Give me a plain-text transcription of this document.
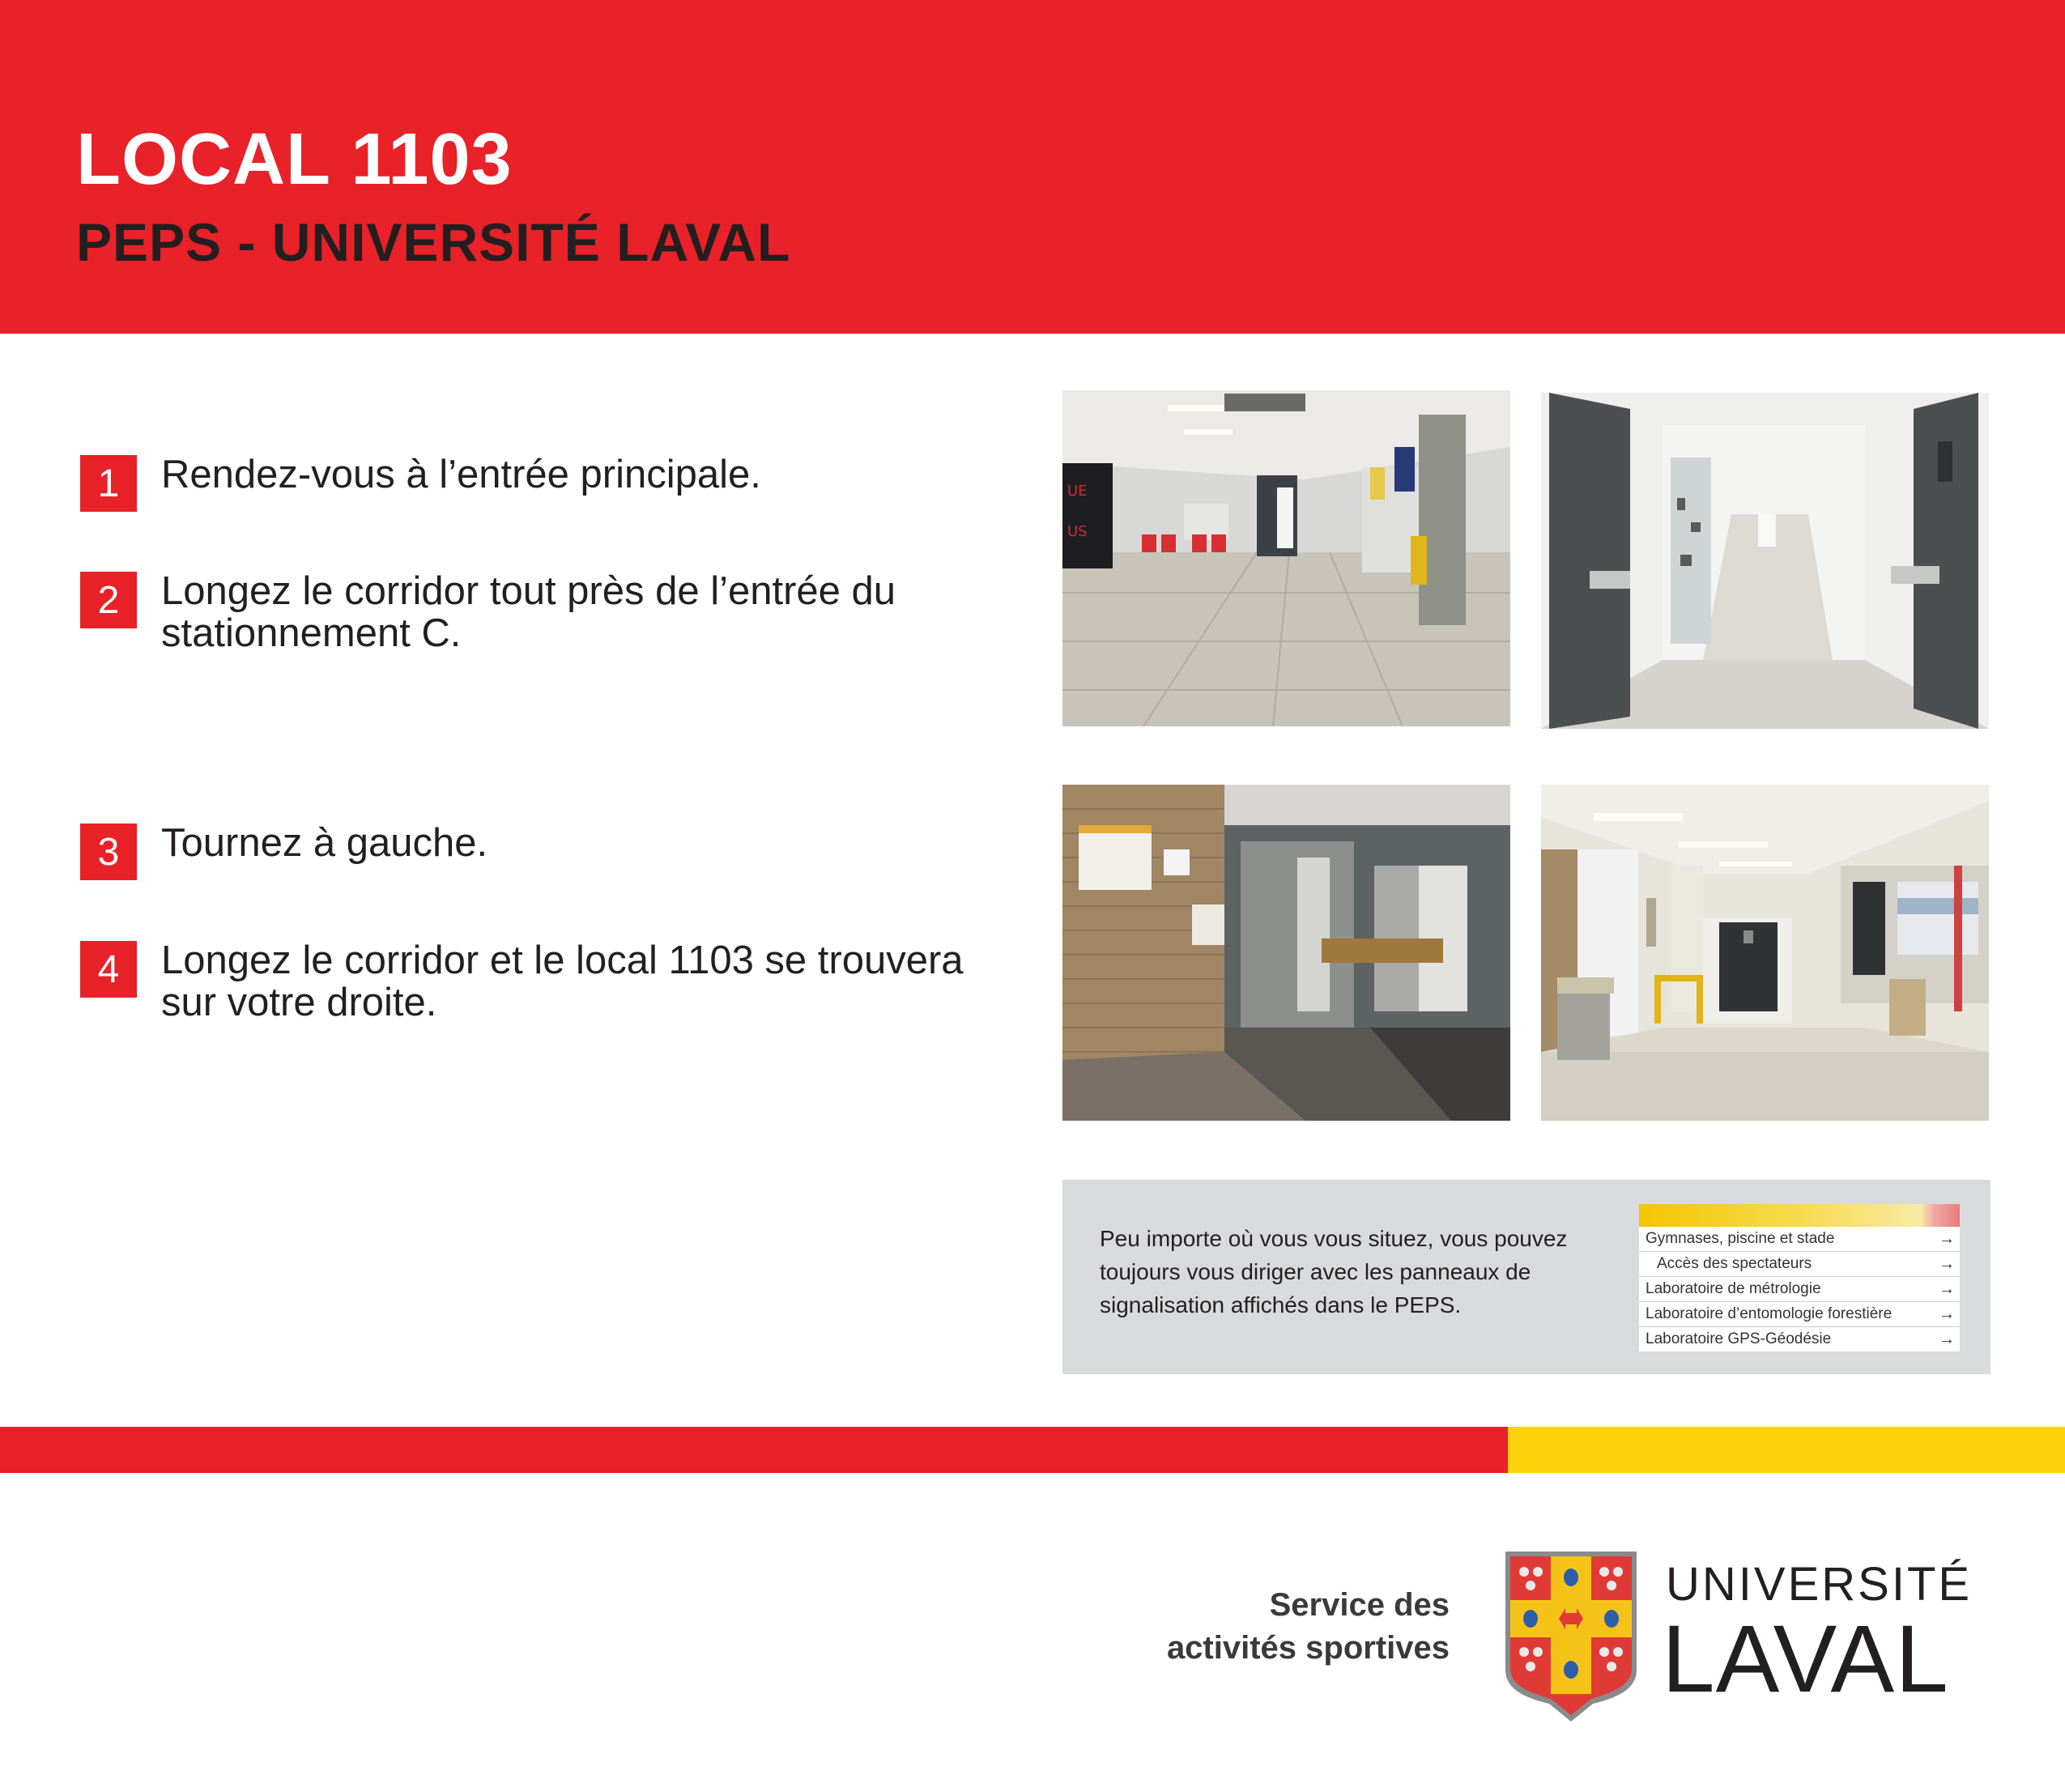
LOCAL 1103
PEPS - UNIVERSITÉ LAVAL
1	Rendez-vous à l’entrée principale.
2	Longez le corridor tout près de l’entrée du stationnement C.
3	Tournez à gauche.
4	Longez le corridor et le local 1103 se trouvera sur votre droite.
UE
US
Peu importe où vous vous situez, vous pouvez toujours vous diriger avec les panneaux de signalisation affichés dans le PEPS.
Gymnases, piscine et stade	→
Accès des spectateurs	→
Laboratoire de métrologie	→
Laboratoire d’entomologie forestière	→
Laboratoire GPS-Géodésie	→
Service des
activités sportives
UNIVERSITÉ
LAVAL
